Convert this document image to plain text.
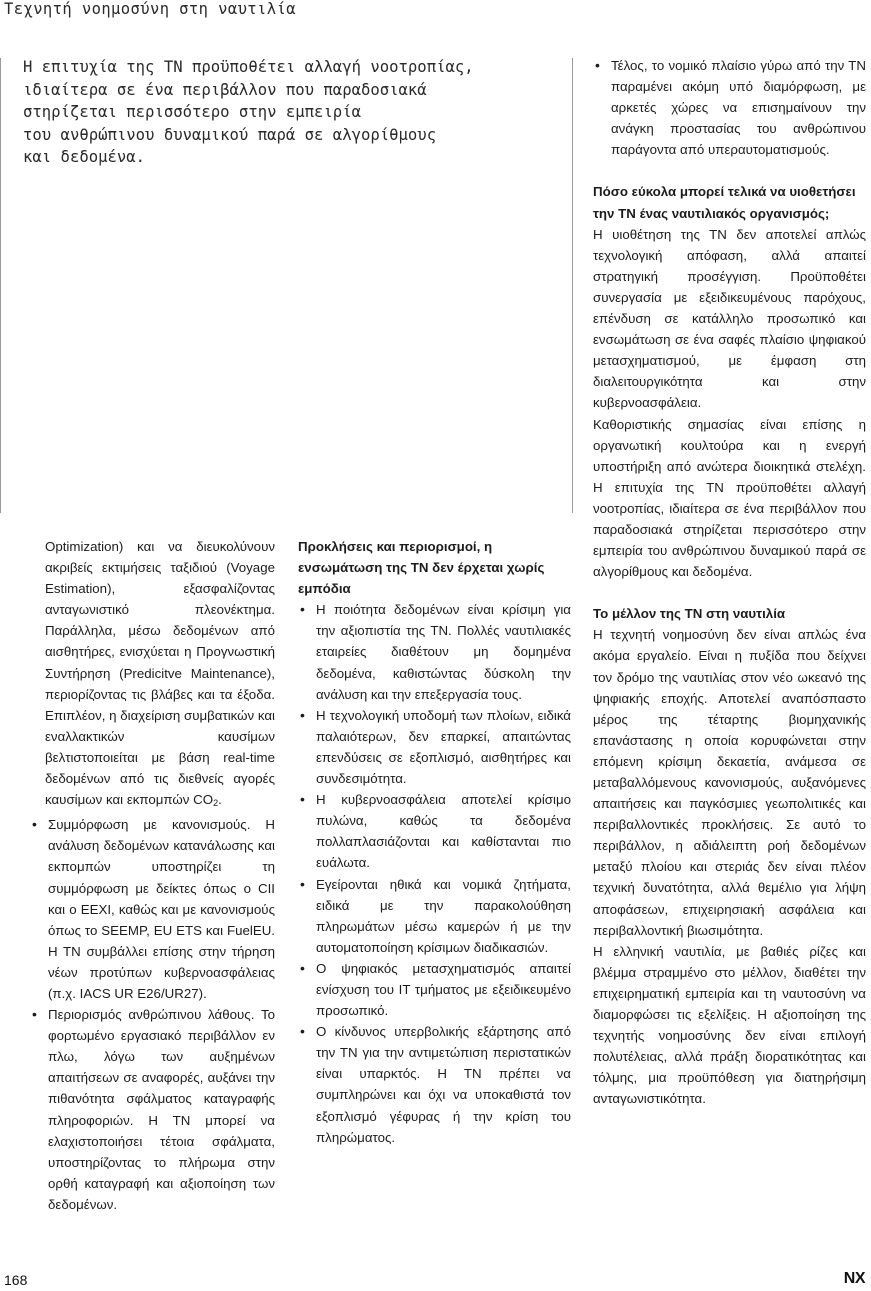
Τεχνητή νοημοσύνη στη ναυτιλία

Η επιτυχία της ΤΝ προϋποθέτει αλλαγή νοοτροπίας,
ιδιαίτερα σε ένα περιβάλλον που παραδοσιακά
στηρίζεται περισσότερο στην εμπειρία
του ανθρώπινου δυναμικού παρά σε αλγορίθμους
και δεδομένα.

Optimization) και να διευκολύνουν ακριβείς εκτιμήσεις ταξιδιού (Voyage Estimation), εξασφαλίζοντας ανταγωνιστικό πλεονέκτημα. Παράλληλα, μέσω δεδομένων από αισθητήρες, ενισχύεται η Προγνωστική Συντήρηση (Predicitve Maintenance), περιορίζοντας τις βλάβες και τα έξοδα. Επιπλέον, η διαχείριση συμβατικών και εναλλακτικών καυσίμων βελτιστοποιείται με βάση real-time δεδομένων από τις διεθνείς αγορές καυσίμων και εκπομπών $CO_2$.

• Συμμόρφωση με κανονισμούς. Η ανάλυση δεδομένων κατανάλωσης και εκπομπών υποστηρίζει τη συμμόρφωση με δείκτες όπως ο CII και ο EEXI, καθώς και με κανονισμούς όπως το SEEMP, EU ETS και FuelEU. Η ΤΝ συμβάλλει επίσης στην τήρηση νέων προτύπων κυβερνοασφάλειας (π.χ. IACS UR E26/UR27).
• Περιορισμός ανθρώπινου λάθους. Το φορτωμένο εργασιακό περιβάλλον εν πλω, λόγω των αυξημένων απαιτήσεων σε αναφορές, αυξάνει την πιθανότητα σφάλματος καταγραφής πληροφοριών. Η ΤΝ μπορεί να ελαχιστοποιήσει τέτοια σφάλματα, υποστηρίζοντας το πλήρωμα στην ορθή καταγραφή και αξιοποίηση των δεδομένων.
Προκλήσεις και περιορισμοί, η ενσωμάτωση της ΤΝ δεν έρχεται χωρίς εμπόδια
• Η ποιότητα δεδομένων είναι κρίσιμη για την αξιοπιστία της ΤΝ. Πολλές ναυτιλιακές εταιρείες διαθέτουν μη δομημένα δεδομένα, καθιστώντας δύσκολη την ανάλυση και την επεξεργασία τους.
• Η τεχνολογική υποδομή των πλοίων, ειδικά παλαιότερων, δεν επαρκεί, απαιτώντας επενδύσεις σε εξοπλισμό, αισθητήρες και συνδεσιμότητα.
• Η κυβερνοασφάλεια αποτελεί κρίσιμο πυλώνα, καθώς τα δεδομένα πολλαπλασιάζονται και καθίστανται πιο ευάλωτα.
• Εγείρονται ηθικά και νομικά ζητήματα, ειδικά με την παρακολούθηση πληρωμάτων μέσω καμερών ή με την αυτοματοποίηση κρίσιμων διαδικασιών.
• Ο ψηφιακός μετασχηματισμός απαιτεί ενίσχυση του IT τμήματος με εξειδικευμένο προσωπικό.
• Ο κίνδυνος υπερβολικής εξάρτησης από την ΤΝ για την αντιμετώπιση περιστατικών είναι υπαρκτός. Η ΤΝ πρέπει να συμπληρώνει και όχι να υποκαθιστά τον εξοπλισμό γέφυρας ή την κρίση του πληρώματος.
• Τέλος, το νομικό πλαίσιο γύρω από την ΤΝ παραμένει ακόμη υπό διαμόρφωση, με αρκετές χώρες να επισημαίνουν την ανάγκη προστασίας του ανθρώπινου παράγοντα από υπεραυτοματισμούς.
Πόσο εύκολα μπορεί τελικά να υιοθετήσει την ΤΝ ένας ναυτιλιακός οργανισμός;

Η υιοθέτηση της ΤΝ δεν αποτελεί απλώς τεχνολογική απόφαση, αλλά απαιτεί στρατηγική προσέγγιση. Προϋποθέτει συνεργασία με εξειδικευμένους παρόχους, επένδυση σε κατάλληλο προσωπικό και ενσωμάτωση σε ένα σαφές πλαίσιο ψηφιακού μετασχηματισμού, με έμφαση στη διαλειτουργικότητα και στην κυβερνοασφάλεια.

Καθοριστικής σημασίας είναι επίσης η οργανωτική κουλτούρα και η ενεργή υποστήριξη από ανώτερα διοικητικά στελέχη. Η επιτυχία της ΤΝ προϋποθέτει αλλαγή νοοτροπίας, ιδιαίτερα σε ένα περιβάλλον που παραδοσιακά στηρίζεται περισσότερο στην εμπειρία του ανθρώπινου δυναμικού παρά σε αλγορίθμους και δεδομένα.

Το μέλλον της ΤΝ στη ναυτιλία

Η τεχνητή νοημοσύνη δεν είναι απλώς ένα ακόμα εργαλείο. Είναι η πυξίδα που δείχνει τον δρόμο της ναυτιλίας στον νέο ωκεανό της ψηφιακής εποχής. Αποτελεί αναπόσπαστο μέρος της τέταρτης βιομηχανικής επανάστασης η οποία κορυφώνεται στην επόμενη κρίσιμη δεκαετία, ανάμεσα σε μεταβαλλόμενους κανονισμούς, αυξανόμενες απαιτήσεις και παγκόσμιες γεωπολιτικές και περιβαλλοντικές προκλήσεις. Σε αυτό το περιβάλλον, η αδιάλειπτη ροή δεδομένων μεταξύ πλοίου και στεριάς δεν είναι πλέον τεχνική δυνατότητα, αλλά θεμέλιο για λήψη αποφάσεων, επιχειρησιακή ασφάλεια και περιβαλλοντική βιωσιμότητα.

Η ελληνική ναυτιλία, με βαθιές ρίζες και βλέμμα στραμμένο στο μέλλον, διαθέτει την επιχειρηματική εμπειρία και τη ναυτοσύνη να διαμορφώσει τις εξελίξεις. Η αξιοποίηση της τεχνητής νοημοσύνης δεν είναι επιλογή πολυτέλειας, αλλά πράξη διορατικότητας και τόλμης, μια προϋπόθεση για διατηρήσιμη ανταγωνιστικότητα.

168	NX
